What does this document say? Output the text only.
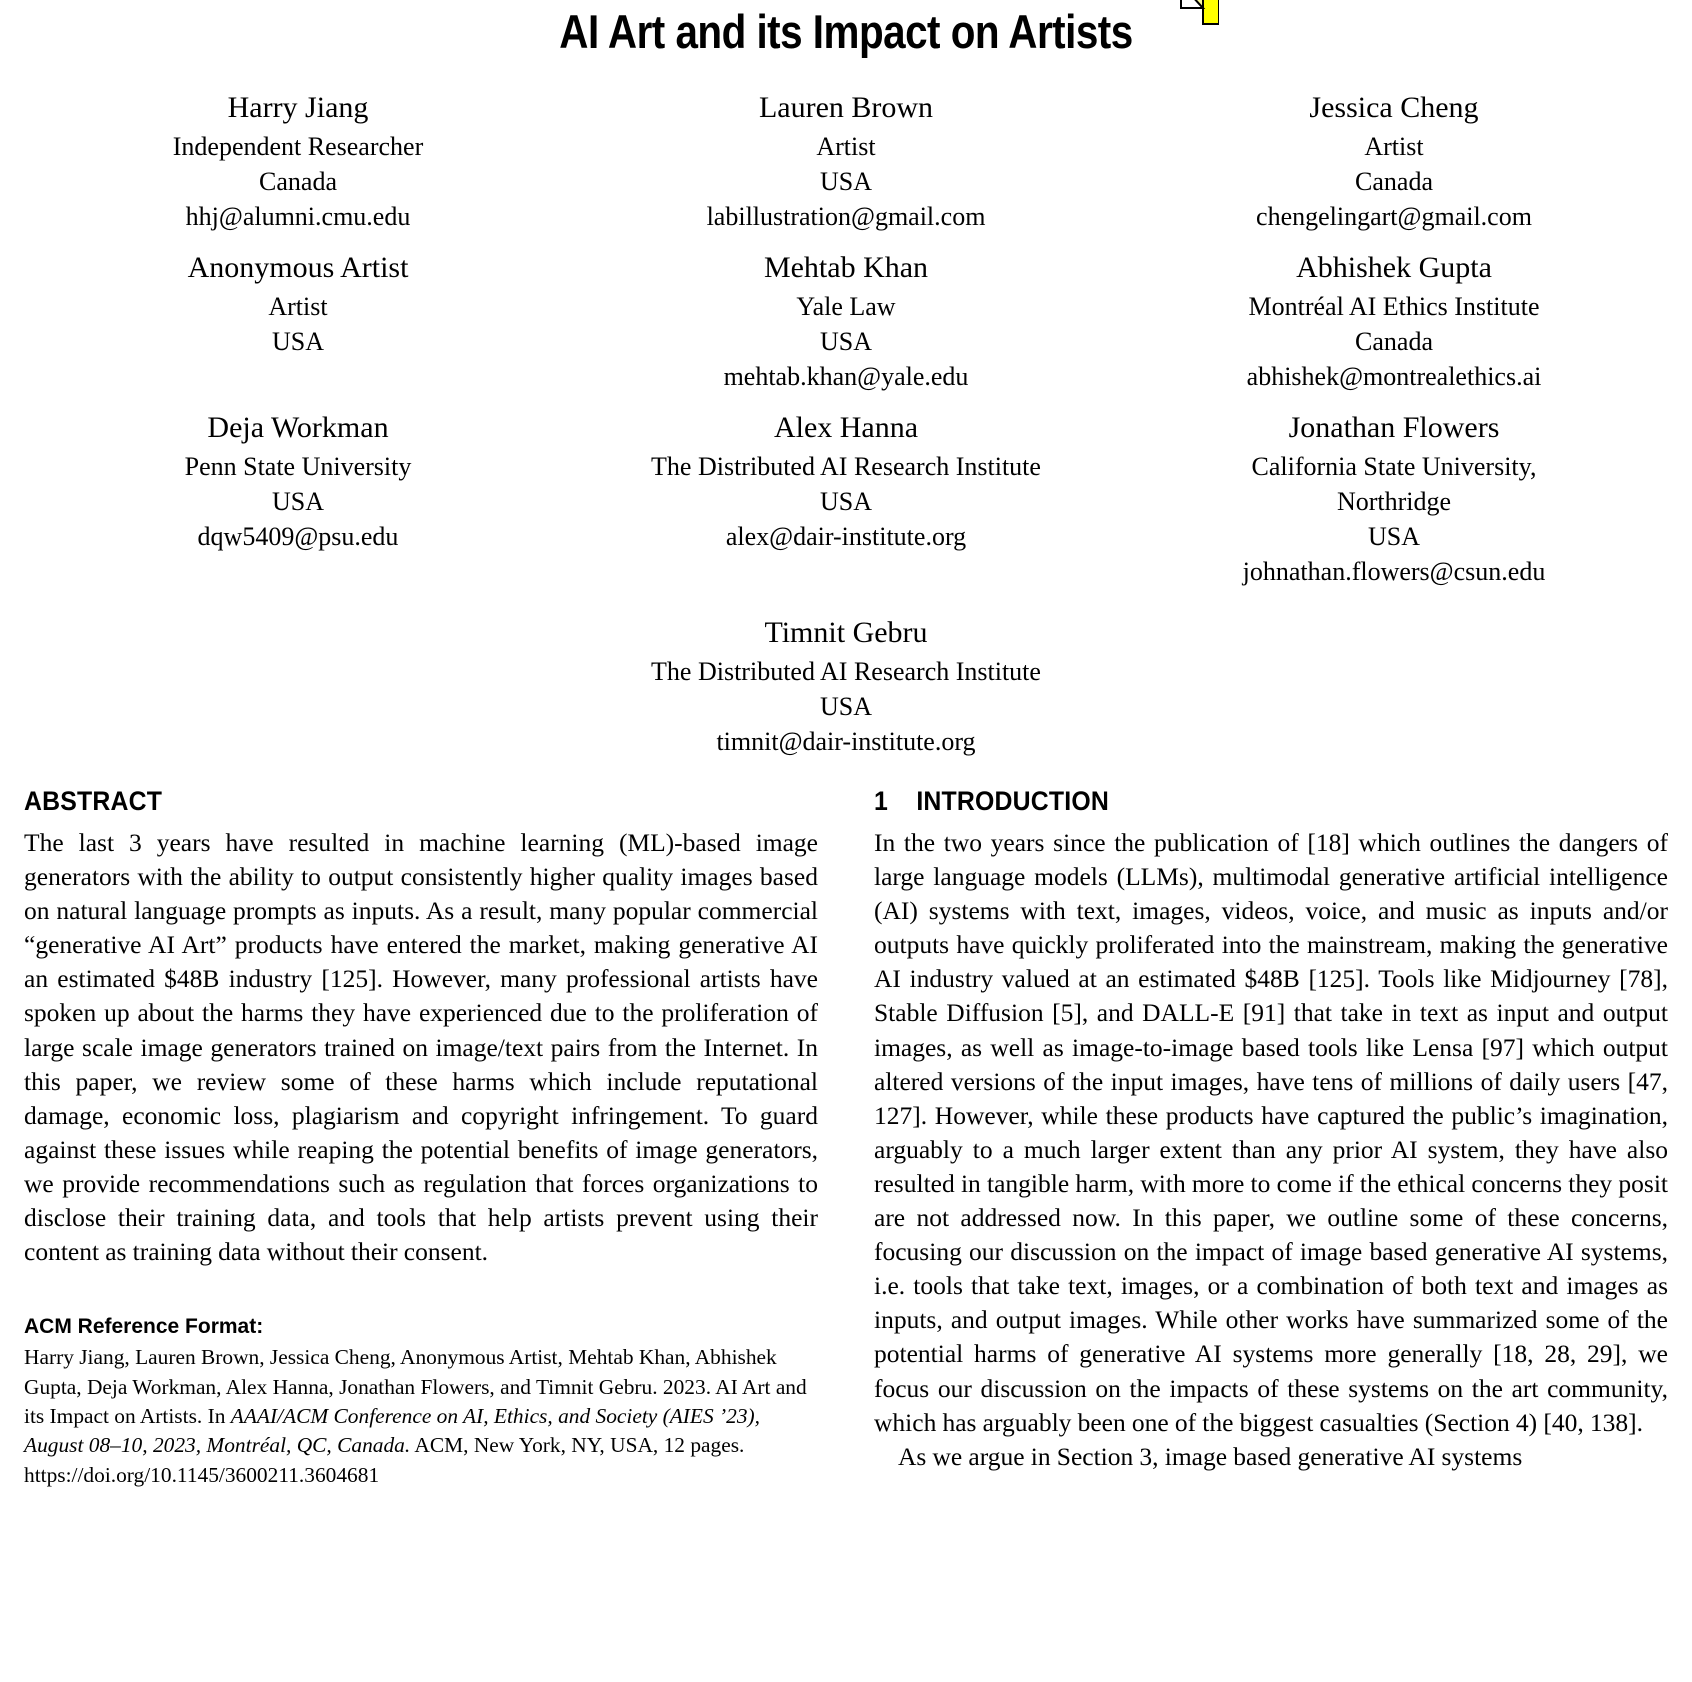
AI Art and its Impact on Artists
Harry Jiang
Independent Researcher
Canada
hhj@alumni.cmu.edu
Lauren Brown
Artist
USA
labillustration@gmail.com
Jessica Cheng
Artist
Canada
chengelingart@gmail.com
Anonymous Artist
Artist
USA
Mehtab Khan
Yale Law
USA
mehtab.khan@yale.edu
Abhishek Gupta
Montréal AI Ethics Institute
Canada
abhishek@montrealethics.ai
Deja Workman
Penn State University
USA
dqw5409@psu.edu
Alex Hanna
The Distributed AI Research Institute
USA
alex@dair-institute.org
Jonathan Flowers
California State University,
Northridge
USA
johnathan.flowers@csun.edu
Timnit Gebru
The Distributed AI Research Institute
USA
timnit@dair-institute.org
ABSTRACT

The last 3 years have resulted in machine learning (ML)-based image generators with the ability to output consistently higher quality images based on natural language prompts as inputs. As a result, many popular commercial “generative AI Art” products have entered the market, making generative AI an estimated $48B industry [125]. However, many professional artists have spoken up about the harms they have experienced due to the proliferation of large scale image generators trained on image/text pairs from the Internet. In this paper, we review some of these harms which include reputational damage, economic loss, plagiarism and copyright infringement. To guard against these issues while reaping the potential benefits of image generators, we provide recommendations such as regulation that forces organizations to disclose their training data, and tools that help artists prevent using their content as training data without their consent.

ACM Reference Format:
Harry Jiang, Lauren Brown, Jessica Cheng, Anonymous Artist, Mehtab Khan, Abhishek Gupta, Deja Workman, Alex Hanna, Jonathan Flowers, and Timnit Gebru. 2023. AI Art and its Impact on Artists. In AAAI/ACM Conference on AI, Ethics, and Society (AIES ’23), August 08–10, 2023, Montréal, QC, Canada. ACM, New York, NY, USA, 12 pages. https://doi.org/10.1145/3600211.3604681
1 INTRODUCTION

In the two years since the publication of [18] which outlines the dangers of large language models (LLMs), multimodal generative artificial intelligence (AI) systems with text, images, videos, voice, and music as inputs and/or outputs have quickly proliferated into the mainstream, making the generative AI industry valued at an estimated $48B [125]. Tools like Midjourney [78], Stable Diffusion [5], and DALL-E [91] that take in text as input and output images, as well as image-to-image based tools like Lensa [97] which output altered versions of the input images, have tens of millions of daily users [47, 127]. However, while these products have captured the public’s imagination, arguably to a much larger extent than any prior AI system, they have also resulted in tangible harm, with more to come if the ethical concerns they posit are not addressed now. In this paper, we outline some of these concerns, focusing our discussion on the impact of image based generative AI systems, i.e. tools that take text, images, or a combination of both text and images as inputs, and output images. While other works have summarized some of the potential harms of generative AI systems more generally [18, 28, 29], we focus our discussion on the impacts of these systems on the art community, which has arguably been one of the biggest casualties (Section 4) [40, 138].

As we argue in Section 3, image based generative AI systems
